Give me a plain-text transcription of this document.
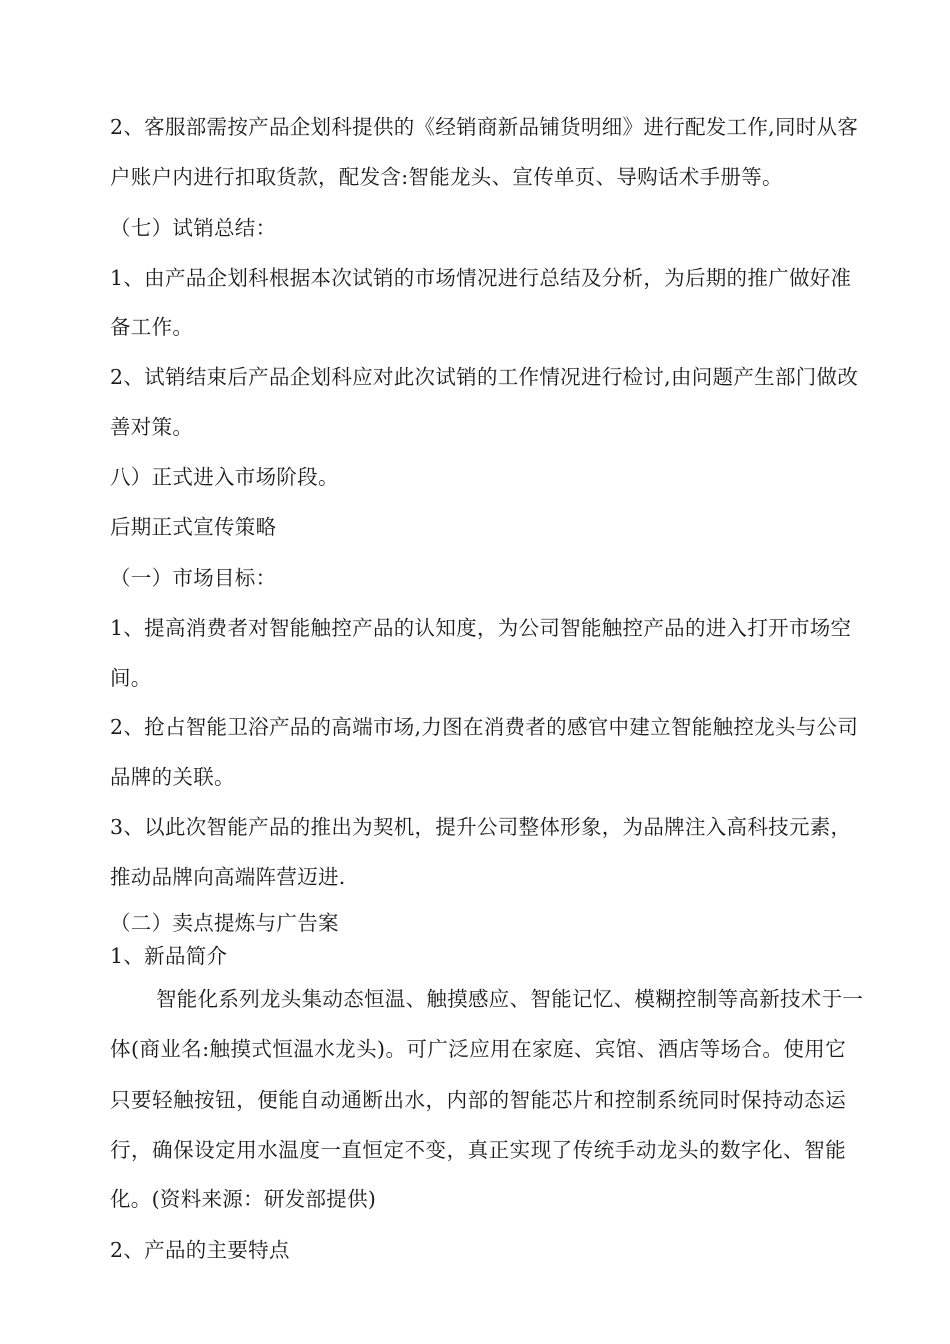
2、客服部需按产品企划科提供的《经销商新品铺货明细》进行配发工作,同时从客
户账户内进行扣取货款，配发含:智能龙头、宣传单页、导购话术手册等。
（七）试销总结：
1、由产品企划科根据本次试销的市场情况进行总结及分析，为后期的推广做好准
备工作。
2、试销结束后产品企划科应对此次试销的工作情况进行检讨,由问题产生部门做改
善对策。
八）正式进入市场阶段。
后期正式宣传策略
（一）市场目标：
1、提高消费者对智能触控产品的认知度，为公司智能触控产品的进入打开市场空
间。
2、抢占智能卫浴产品的高端市场,力图在消费者的感官中建立智能触控龙头与公司
品牌的关联。
3、以此次智能产品的推出为契机，提升公司整体形象，为品牌注入高科技元素，
推动品牌向高端阵营迈进.
（二）卖点提炼与广告案
1、新品简介
智能化系列龙头集动态恒温、触摸感应、智能记忆、模糊控制等高新技术于一
体(商业名:触摸式恒温水龙头)。可广泛应用在家庭、宾馆、酒店等场合。使用它
只要轻触按钮，便能自动通断出水，内部的智能芯片和控制系统同时保持动态运
行，确保设定用水温度一直恒定不变，真正实现了传统手动龙头的数字化、智能
化。(资料来源：研发部提供)
2、产品的主要特点
